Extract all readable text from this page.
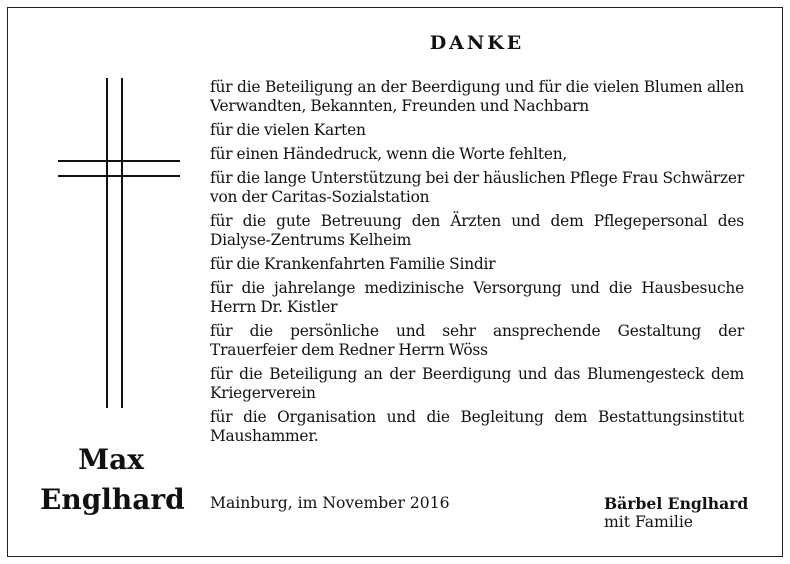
DANKE
Max
Englhard
für die Beteiligung an der Beerdigung und für die vielen Blumen allen Verwandten, Bekannten, Freunden und Nachbarn
für die vielen Karten
für einen Händedruck, wenn die Worte fehlten,
für die lange Unterstützung bei der häuslichen Pflege Frau Schwärzer von der Caritas-Sozialstation
für die gute Betreuung den Ärzten und dem Pflegepersonal des Dialyse-Zentrums Kelheim
für die Krankenfahrten Familie Sindir
für die jahrelange medizinische Versorgung und die Hausbesuche Herrn Dr. Kistler
für die persönliche und sehr ansprechende Gestaltung der Trauerfeier dem Redner Herrn Wöss
für die Beteiligung an der Beerdigung und das Blumengesteck dem Kriegerverein
für die Organisation und die Begleitung dem Bestattungsinstitut Maushammer.
Mainburg, im November 2016	Bärbel Englhard
mit Familie
